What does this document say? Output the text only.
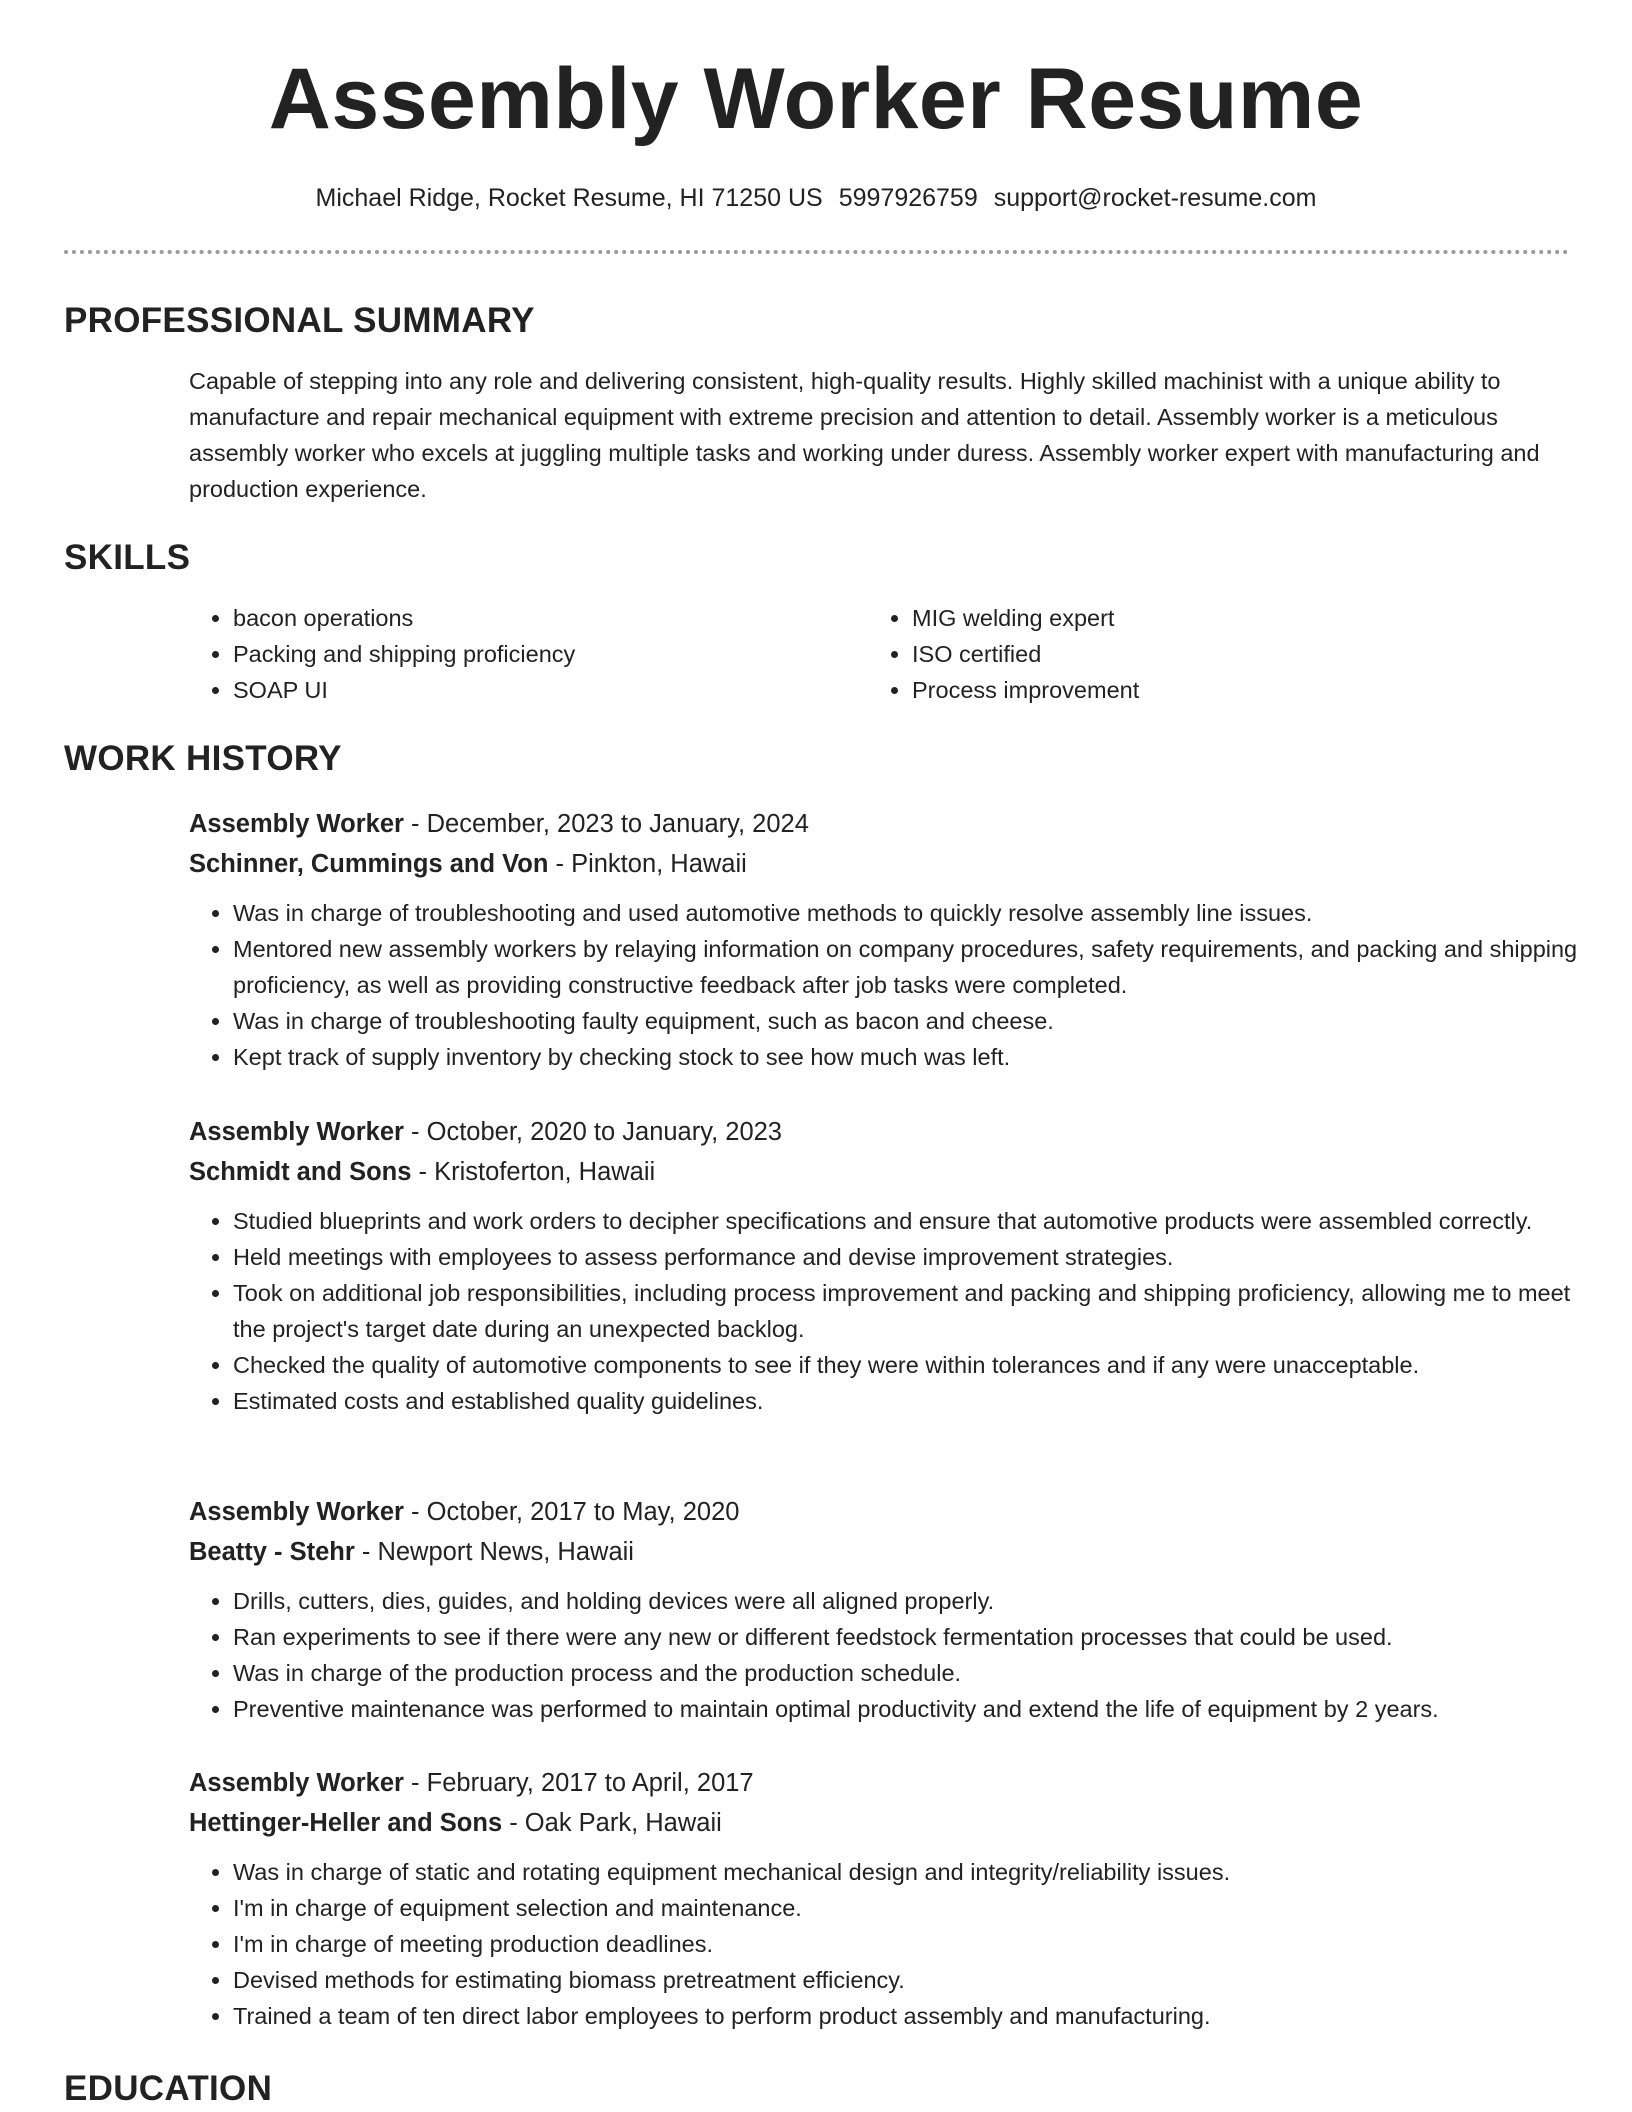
Assembly Worker Resume
Michael Ridge, Rocket Resume, HI 71250 US 5997926759 support@rocket-resume.com
PROFESSIONAL SUMMARY

Capable of stepping into any role and delivering consistent, high-quality results. Highly skilled machinist with a unique ability to manufacture and repair mechanical equipment with extreme precision and attention to detail. Assembly worker is a meticulous assembly worker who excels at juggling multiple tasks and working under duress. Assembly worker expert with manufacturing and production experience.

SKILLS
• bacon operations
• Packing and shipping proficiency
• SOAP UI
• MIG welding expert
• ISO certified
• Process improvement
WORK HISTORY
Assembly Worker - December, 2023 to January, 2024
Schinner, Cummings and Von - Pinkton, Hawaii
• Was in charge of troubleshooting and used automotive methods to quickly resolve assembly line issues.
• Mentored new assembly workers by relaying information on company procedures, safety requirements, and packing and shipping proficiency, as well as providing constructive feedback after job tasks were completed.
• Was in charge of troubleshooting faulty equipment, such as bacon and cheese.
• Kept track of supply inventory by checking stock to see how much was left.
Assembly Worker - October, 2020 to January, 2023
Schmidt and Sons - Kristoferton, Hawaii
• Studied blueprints and work orders to decipher specifications and ensure that automotive products were assembled correctly.
• Held meetings with employees to assess performance and devise improvement strategies.
• Took on additional job responsibilities, including process improvement and packing and shipping proficiency, allowing me to meet the project's target date during an unexpected backlog.
• Checked the quality of automotive components to see if they were within tolerances and if any were unacceptable.
• Estimated costs and established quality guidelines.
Assembly Worker - October, 2017 to May, 2020
Beatty - Stehr - Newport News, Hawaii
• Drills, cutters, dies, guides, and holding devices were all aligned properly.
• Ran experiments to see if there were any new or different feedstock fermentation processes that could be used.
• Was in charge of the production process and the production schedule.
• Preventive maintenance was performed to maintain optimal productivity and extend the life of equipment by 2 years.
Assembly Worker - February, 2017 to April, 2017
Hettinger-Heller and Sons - Oak Park, Hawaii
• Was in charge of static and rotating equipment mechanical design and integrity/reliability issues.
• I'm in charge of equipment selection and maintenance.
• I'm in charge of meeting production deadlines.
• Devised methods for estimating biomass pretreatment efficiency.
• Trained a team of ten direct labor employees to perform product assembly and manufacturing.
EDUCATION
